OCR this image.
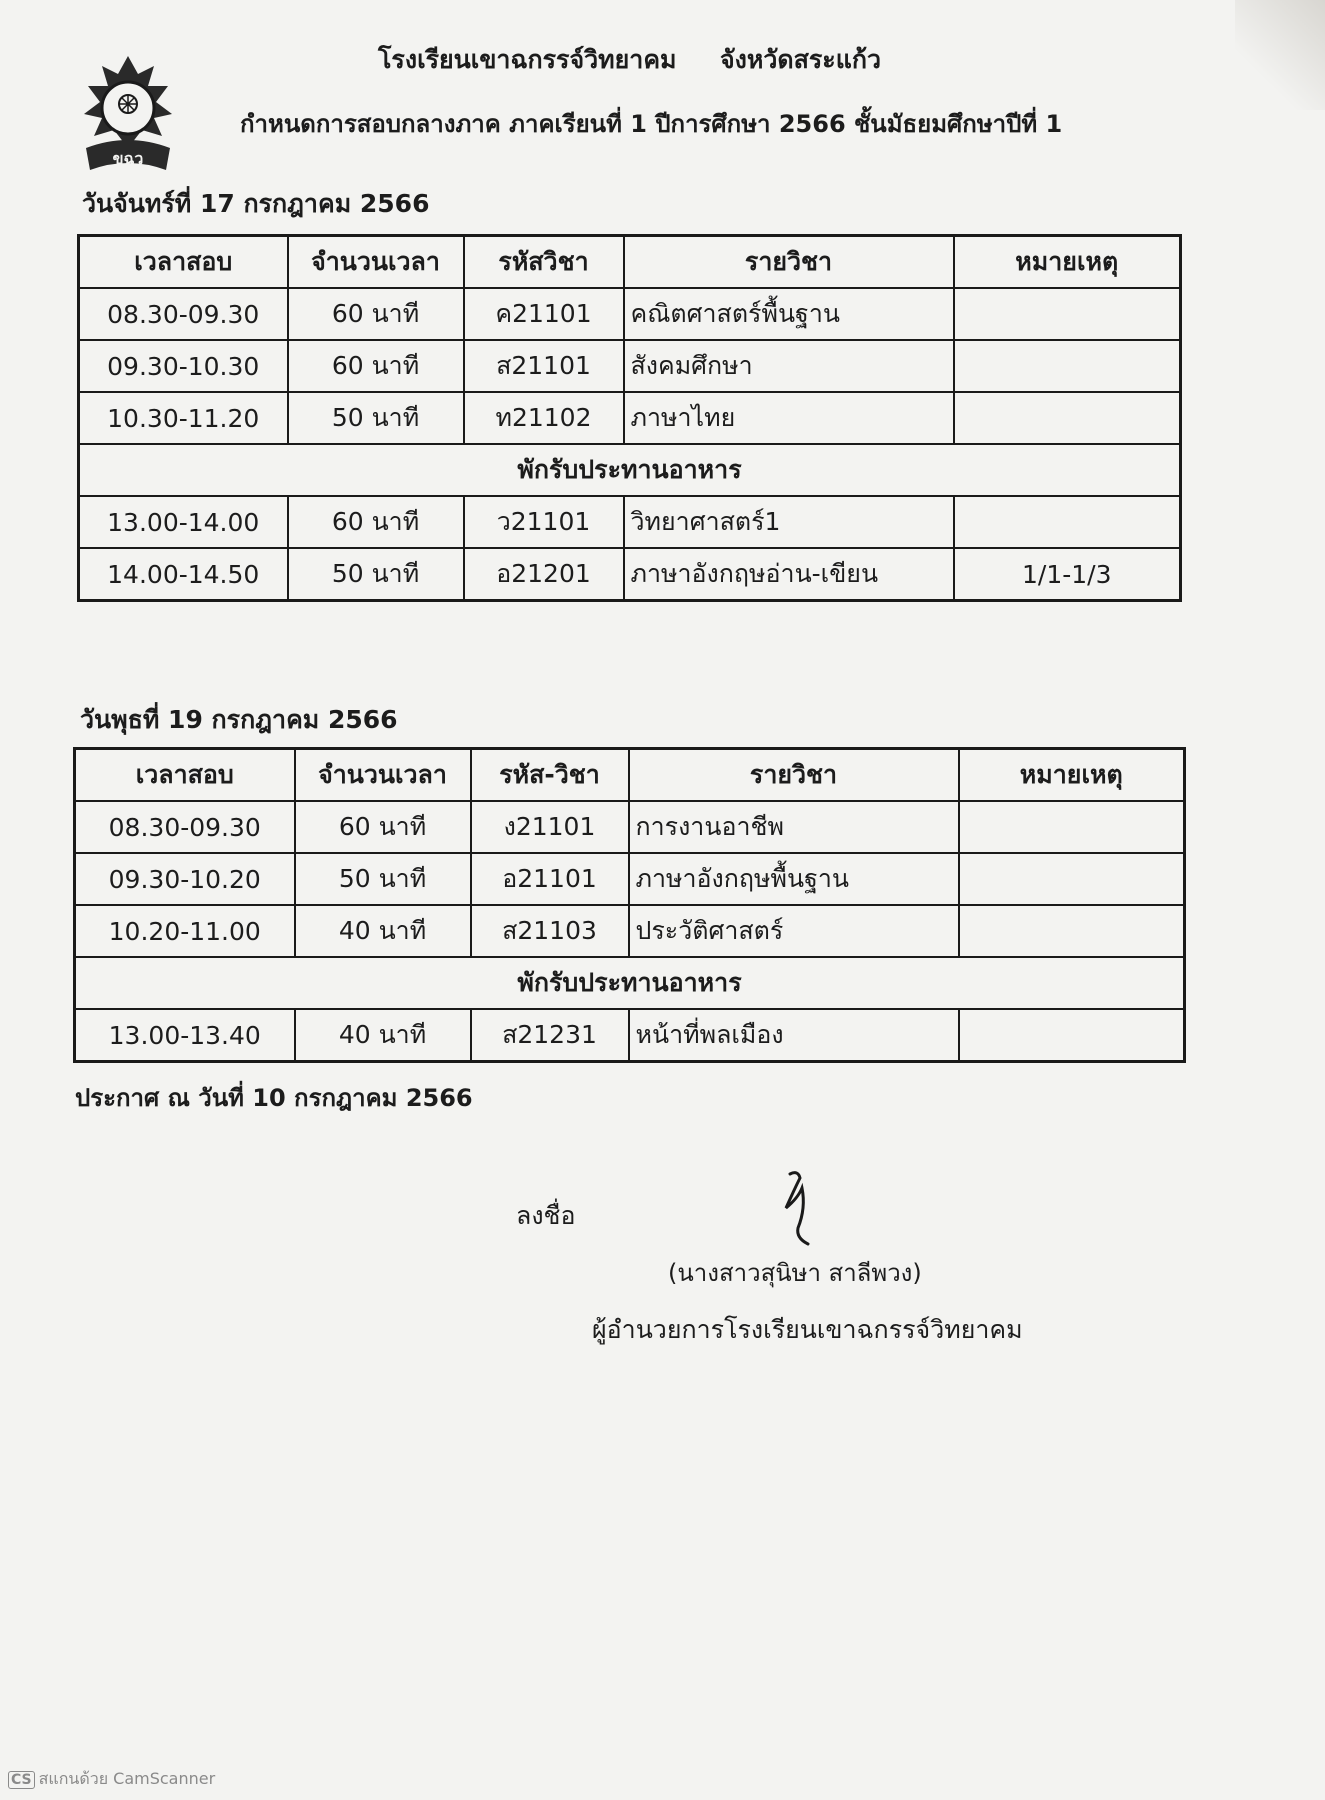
ขฉว
โรงเรียนเขาฉกรรจ์วิทยาคม จังหวัดสระแก้ว
กำหนดการสอบกลางภาค ภาคเรียนที่ 1 ปีการศึกษา 2566 ชั้นมัธยมศึกษาปีที่ 1
วันจันทร์ที่ 17 กรกฎาคม 2566
เวลาสอบ	จำนวนเวลา	รหัสวิชา	รายวิชา	หมายเหตุ
08.30-09.30	60 นาที	ค21101	คณิตศาสตร์พื้นฐาน	
09.30-10.30	60 นาที	ส21101	สังคมศึกษา	
10.30-11.20	50 นาที	ท21102	ภาษาไทย	
พักรับประทานอาหาร				
13.00-14.00	60 นาที	ว21101	วิทยาศาสตร์1	
14.00-14.50	50 นาที	อ21201	ภาษาอังกฤษอ่าน-เขียน	1/1-1/3
วันพุธที่ 19 กรกฎาคม 2566
เวลาสอบ	จำนวนเวลา	รหัส-วิชา	รายวิชา	หมายเหตุ
08.30-09.30	60 นาที	ง21101	การงานอาชีพ	
09.30-10.20	50 นาที	อ21101	ภาษาอังกฤษพื้นฐาน	
10.20-11.00	40 นาที	ส21103	ประวัติศาสตร์	
พักรับประทานอาหาร				
13.00-13.40	40 นาที	ส21231	หน้าที่พลเมือง	
ประกาศ ณ วันที่ 10 กรกฎาคม 2566
ลงชื่อ
(นางสาวสุนิษา สาลีพวง)
ผู้อำนวยการโรงเรียนเขาฉกรรจ์วิทยาคม
CS สแกนด้วย CamScanner
